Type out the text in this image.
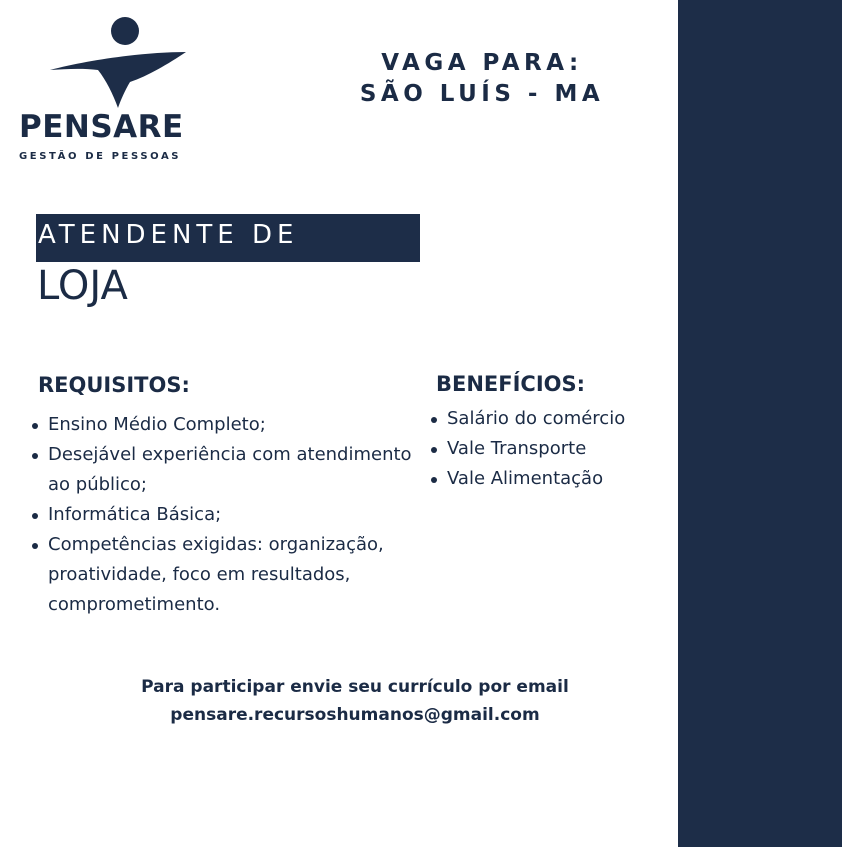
PENSARE
GESTÃO DE PESSOAS
VAGA PARA:
SÃO LUÍS - MA
ATENDENTE DE
LOJA
REQUISITOS:
Ensino Médio Completo;
Desejável experiência com atendimento ao público;
Informática Básica;
Competências exigidas: organização, proatividade, foco em resultados, comprometimento.
BENEFÍCIOS:
Salário do comércio
Vale Transporte
Vale Alimentação
Para participar envie seu currículo por email
pensare.recursoshumanos@gmail.com
